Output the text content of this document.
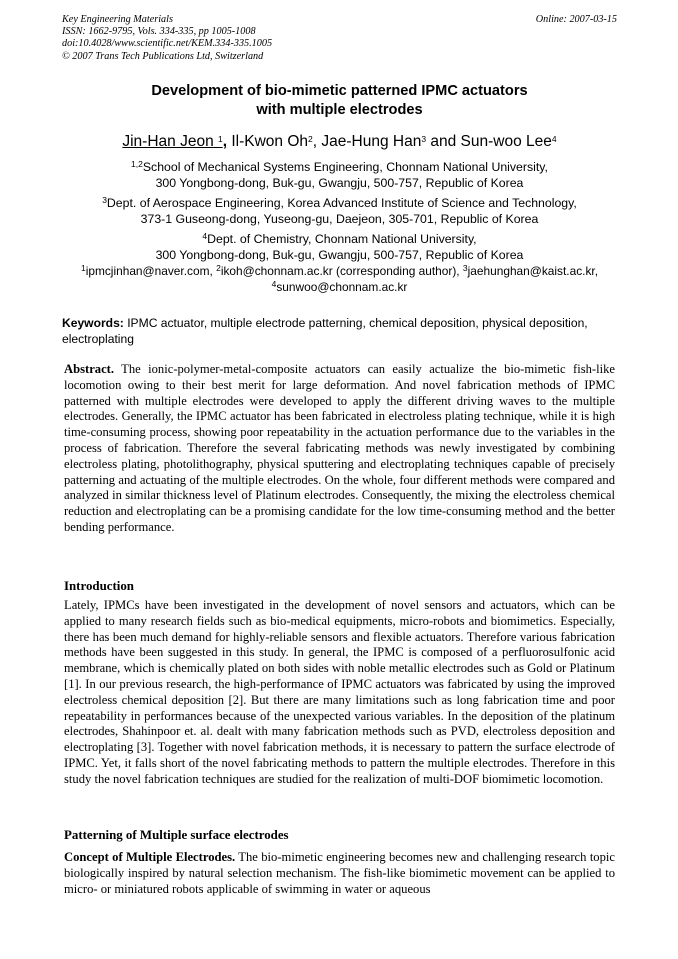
Key Engineering Materials
ISSN: 1662-9795, Vols. 334-335, pp 1005-1008
doi:10.4028/www.scientific.net/KEM.334-335.1005
© 2007 Trans Tech Publications Ltd, Switzerland
Online: 2007-03-15
Development of bio-mimetic patterned IPMC actuators
with multiple electrodes
Jin-Han Jeon $^1$, Il-Kwon Oh$^2$, Jae-Hung Han$^3$ and Sun-woo Lee$^4$
$^{1,2}$School of Mechanical Systems Engineering, Chonnam National University,
300 Yongbong-dong, Buk-gu, Gwangju, 500-757, Republic of Korea
$^3$Dept. of Aerospace Engineering, Korea Advanced Institute of Science and Technology,
373-1 Guseong-dong, Yuseong-gu, Daejeon, 305-701, Republic of Korea
$^4$Dept. of Chemistry, Chonnam National University,
300 Yongbong-dong, Buk-gu, Gwangju, 500-757, Republic of Korea
$^1$ipmcjinhan@naver.com, $^2$ikoh@chonnam.ac.kr (corresponding author), $^3$jaehunghan@kaist.ac.kr,
$^4$sunwoo@chonnam.ac.kr
Keywords: IPMC actuator, multiple electrode patterning, chemical deposition, physical deposition, electroplating
Abstract. The ionic-polymer-metal-composite actuators can easily actualize the bio-mimetic fish-like locomotion owing to their best merit for large deformation. And novel fabrication methods of IPMC patterned with multiple electrodes were developed to apply the different driving waves to the multiple electrodes. Generally, the IPMC actuator has been fabricated in electroless plating technique, while it is high time-consuming process, showing poor repeatability in the actuation performance due to the variables in the process of fabrication. Therefore the several fabricating methods was newly investigated by combining electroless plating, photolithography, physical sputtering and electroplating techniques capable of precisely patterning and actuating of the multiple electrodes. On the whole, four different methods were compared and analyzed in similar thickness level of Platinum electrodes. Consequently, the mixing the electroless chemical reduction and electroplating can be a promising candidate for the low time-consuming method and the better bending performance.
Introduction
Lately, IPMCs have been investigated in the development of novel sensors and actuators, which can be applied to many research fields such as bio-medical equipments, micro-robots and biomimetics. Especially, there has been much demand for highly-reliable sensors and flexible actuators. Therefore various fabrication methods have been suggested in this study. In general, the IPMC is composed of a perfluorosulfonic acid membrane, which is chemically plated on both sides with noble metallic electrodes such as Gold or Platinum [1]. In our previous research, the high-performance of IPMC actuators was fabricated by using the improved electroless chemical deposition [2]. But there are many limitations such as long fabrication time and poor repeatability in performances because of the unexpected various variables. In the deposition of the platinum electrodes, Shahinpoor et. al. dealt with many fabrication methods such as PVD, electroless deposition and electroplating [3]. Together with novel fabrication methods, it is necessary to pattern the surface electrode of IPMC. Yet, it falls short of the novel fabricating methods to pattern the multiple electrodes. Therefore in this study the novel fabrication techniques are studied for the realization of multi-DOF biomimetic locomotion.
Patterning of Multiple surface electrodes
Concept of Multiple Electrodes. The bio-mimetic engineering becomes new and challenging research topic biologically inspired by natural selection mechanism. The fish-like biomimetic movement can be applied to micro- or miniatured robots applicable of swimming in water or aqueous
